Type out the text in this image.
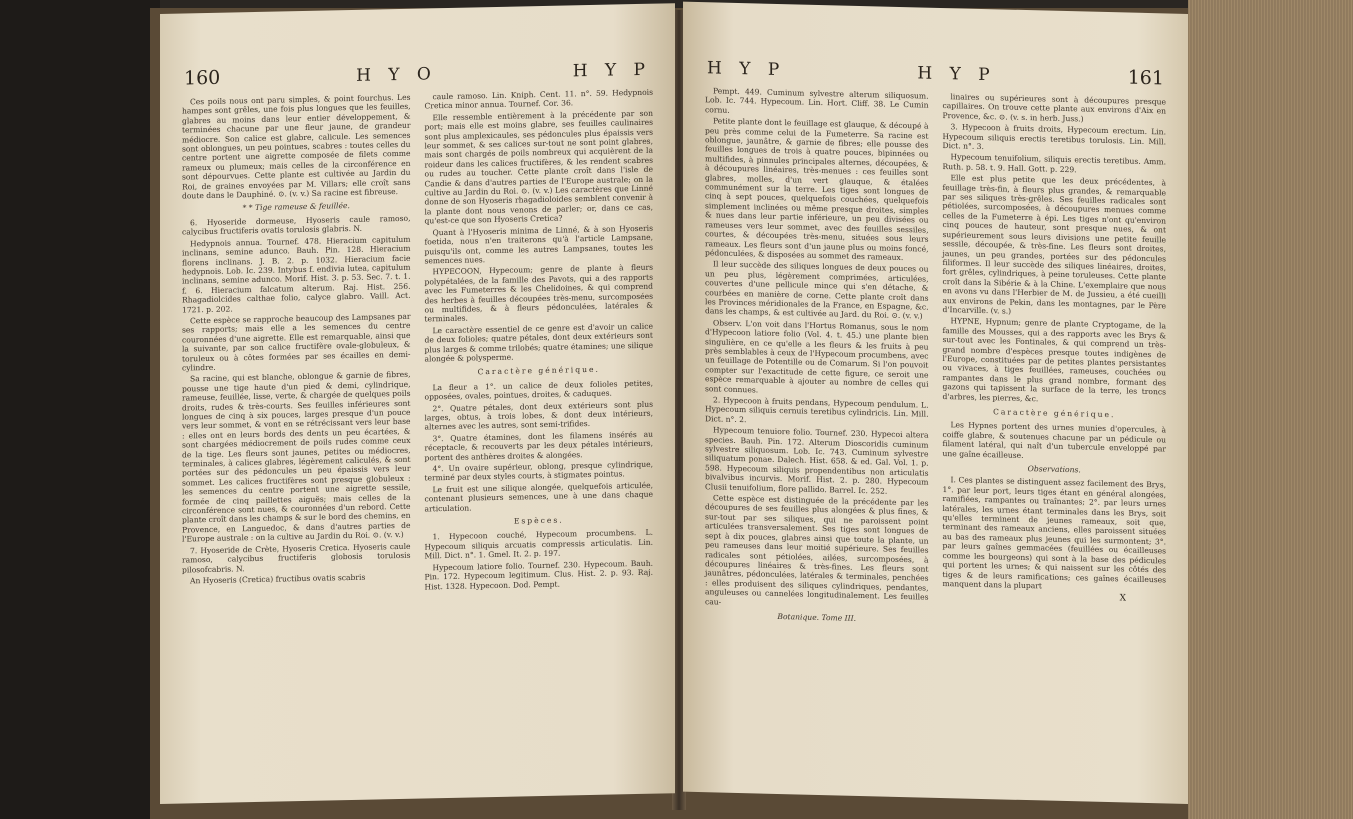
160	H Y O	H Y P

Ces poils nous ont paru simples, & point fourchus. Les hampes sont grêles, une fois plus longues que les feuilles, glabres au moins dans leur entier développement, & terminées chacune par une fleur jaune, de grandeur médiocre. Son calice est glabre, calicule. Les semences sont oblongues, un peu pointues, scabres : toutes celles du centre portent une aigrette composée de filets comme rameux ou plumeux; mais celles de la circonférence en sont dépourvues. Cette plante est cultivée au Jardin du Roi, de graines envoyées par M. Villars; elle croît sans doute dans le Dauphiné. ⊙. (v. v.) Sa racine est fibreuse.

* * Tige rameuse & feuillée.

6. Hyoseride dormeuse, Hyoseris caule ramoso, calycibus fructiferis ovatis torulosis glabris. N.

Hedypnois annua. Tournef. 478. Hieracium capitulum inclinans, semine adunco. Bauh. Pin. 128. Hieracium florens inclinans. J. B. 2. p. 1032. Hieracium facie hedypnois. Lob. Ic. 239. Intybus f. endivia lutea, capitulum inclinans, semine adunco. Morif. Hist. 3. p. 53. Sec. 7. t. 1. f. 6. Hieracium falcatum alterum. Raj. Hist. 256. Rhagadiolcides calthae folio, calyce glabro. Vaill. Act. 1721. p. 202.

Cette espèce se rapproche beaucoup des Lampsanes par ses rapports; mais elle a les semences du centre couronnées d'une aigrette. Elle est remarquable, ainsi que la suivante, par son calice fructifère ovale-globuleux, & toruleux ou à côtes formées par ses écailles en demi-cylindre.

Sa racine, qui est blanche, oblongue & garnie de fibres, pousse une tige haute d'un pied & demi, cylindrique, rameuse, feuillée, lisse, verte, & chargée de quelques poils droits, rudes & très-courts. Ses feuilles inférieures sont longues de cinq à six pouces, larges presque d'un pouce vers leur sommet, & vont en se rétrécissant vers leur base : elles ont en leurs bords des dents un peu écartées, & sont chargées médiocrement de poils rudes comme ceux de la tige. Les fleurs sont jaunes, petites ou médiocres, terminales, à calices glabres, légèrement caliculés, & sont portées sur des pédoncules un peu épaissis vers leur sommet. Les calices fructifères sont presque globuleux : les semences du centre portent une aigrette sessile, formée de cinq paillettes aiguës; mais celles de la circonférence sont nues, & couronnées d'un rebord. Cette plante croît dans les champs & sur le bord des chemins, en Provence, en Languedoc, & dans d'autres parties de l'Europe australe : on la cultive au Jardin du Roi. ⊙. (v. v.)

7. Hyoseride de Crète, Hyoseris Cretica. Hyoseris caule ramoso, calycibus fructiferis globosis torulosis pilosofcabris. N.

An Hyoseris (Cretica) fructibus ovatis scabris

caule ramoso. Lin. Kniph. Cent. 11. n°. 59. Hedypnois Cretica minor annua. Tournef. Cor. 36.

Elle ressemble entièrement à la précédente par son port; mais elle est moins glabre, ses feuilles caulinaires sont plus amplexicaules, ses pédoncules plus épaissis vers leur sommet, & ses calices sur-tout ne sont point glabres, mais sont chargés de poils nombreux qui acquièrent de la roideur dans les calices fructifères, & les rendent scabres ou rudes au toucher. Cette plante croît dans l'isle de Candie & dans d'autres parties de l'Europe australe; on la cultive au Jardin du Roi. ⊙. (v. v.) Les caractères que Linné donne de son Hyoseris rhagadioloides semblent convenir à la plante dont nous venons de parler; or, dans ce cas, qu'est-ce que son Hyoseris Cretica?

Quant à l'Hyoseris minima de Linné, & à son Hyoseris foetida, nous n'en traiterons qu'à l'article Lampsane, puisqu'ils ont, comme les autres Lampsanes, toutes les semences nues.

HYPECOON, Hypecoum; genre de plante à fleurs polypétalées, de la famille des Pavots, qui a des rapports avec les Fumeterres & les Chelidoines, & qui comprend des herbes à feuilles découpées très-menu, surcomposées ou multifides, & à fleurs pédonculées, latérales & terminales.

Le caractère essentiel de ce genre est d'avoir un calice de deux folioles; quatre pétales, dont deux extérieurs sont plus larges & comme trilobés; quatre étamines; une silique alongée & polysperme.

Caractère générique.

La fleur a 1°. un calice de deux folioles petites, opposées, ovales, pointues, droites, & caduques.

2°. Quatre pétales, dont deux extérieurs sont plus larges, obtus, à trois lobes, & dont deux intérieurs, alternes avec les autres, sont semi-trifides.

3°. Quatre étamines, dont les filamens insérés au réceptacle, & recouverts par les deux pétales intérieurs, portent des anthères droites & alongées.

4°. Un ovaire supérieur, oblong, presque cylindrique, terminé par deux styles courts, à stigmates pointus.

Le fruit est une silique alongée, quelquefois articulée, contenant plusieurs semences, une à une dans chaque articulation.

Espèces.

1. Hypecoon couché, Hypecoum procumbens. L. Hypecoum siliquis arcuatis compressis articulatis. Lin. Mill. Dict. n°. 1. Gmel. It. 2. p. 197.

Hypecoum latiore folio. Tournef. 230. Hypecoum. Bauh. Pin. 172. Hypecoum legitimum. Clus. Hist. 2. p. 93. Raj. Hist. 1328. Hypecoon. Dod. Pempt.

H Y P	H Y P	161

Pempt. 449. Cuminum sylvestre alterum siliquosum. Lob. Ic. 744. Hypecoum. Lin. Hort. Cliff. 38. Le Cumin cornu.

Petite plante dont le feuillage est glauque, & découpé à peu près comme celui de la Fumeterre. Sa racine est oblongue, jaunâtre, & garnie de fibres; elle pousse des feuilles longues de trois à quatre pouces, bipinnées ou multifides, à pinnules principales alternes, découpées, & à découpures linéaires, très-menues : ces feuilles sont glabres, molles, d'un vert glauque, & étalées communément sur la terre. Les tiges sont longues de cinq à sept pouces, quelquefois couchées, quelquefois simplement inclinées ou même presque droites, simples & nues dans leur partie inférieure, un peu divisées ou rameuses vers leur sommet, avec des feuilles sessiles, courtes, & découpées très-menu, situées sous leurs rameaux. Les fleurs sont d'un jaune plus ou moins foncé, pédonculées, & disposées au sommet des rameaux.

Il leur succède des siliques longues de deux pouces ou un peu plus, légèrement comprimées, articulées, couvertes d'une pellicule mince qui s'en détache, & courbées en manière de corne. Cette plante croît dans les Provinces méridionales de la France, en Espagne, &c. dans les champs, & est cultivée au Jard. du Roi. ⊙. (v. v.)

Observ. L'on voit dans l'Hortus Romanus, sous le nom d'Hypecoon latiore folio (Vol. 4. t. 45.) une plante bien singulière, en ce qu'elle a les fleurs & les fruits à peu près semblables à ceux de l'Hypecoum procumbens, avec un feuillage de Potentille ou de Comarum. Si l'on pouvoit compter sur l'exactitude de cette figure, ce seroit une espèce remarquable à ajouter au nombre de celles qui sont connues.

2. Hypecoon à fruits pendans, Hypecoum pendulum. L. Hypecoum siliquis cernuis teretibus cylindricis. Lin. Mill. Dict. n°. 2.

Hypecoum tenuiore folio. Tournef. 230. Hypecoi altera species. Bauh. Pin. 172. Alterum Dioscoridis cuminum sylvestre siliquosum. Lob. Ic. 743. Cuminum sylvestre siliquatum ponae. Dalech. Hist. 658. & ed. Gal. Vol. 1. p. 598. Hypecoum siliquis propendentibus non articulatis bivalvibus incurvis. Morif. Hist. 2. p. 280. Hypecoum Clusii tenuifolium, flore pallido. Barrel. Ic. 252.

Cette espèce est distinguée de la précédente par les découpures de ses feuilles plus alongées & plus fines, & sur-tout par ses siliques, qui ne paroissent point articulées transversalement. Ses tiges sont longues de sept à dix pouces, glabres ainsi que toute la plante, un peu rameuses dans leur moitié supérieure. Ses feuilles radicales sont pétiolées, ailées, surcomposées, à découpures linéaires & très-fines. Les fleurs sont jaunâtres, pédonculées, latérales & terminales, penchées : elles produisent des siliques cylindriques, pendantes, anguleuses ou cannelées longitudinalement. Les feuilles cau-

Botanique. Tome III.

linaires ou supérieures sont à découpures presque capillaires. On trouve cette plante aux environs d'Aix en Provence, &c. ⊙. (v. s. in herb. Juss.)

3. Hypecoon à fruits droits, Hypecoum erectum. Lin. Hypecoum siliquis erectis teretibus torulosis. Lin. Mill. Dict. n°. 3.

Hypecoum tenuifolium, siliquis erectis teretibus. Amm. Ruth. p. 58. t. 9. Hall. Gott. p. 229.

Elle est plus petite que les deux précédentes, à feuillage très-fin, à fleurs plus grandes, & remarquable par ses siliques très-grêles. Ses feuilles radicales sont pétiolées, surcomposées, à découpures menues comme celles de la Fumeterre à épi. Les tiges n'ont qu'environ cinq pouces de hauteur, sont presque nues, & ont supérieurement sous leurs divisions une petite feuille sessile, découpée, & très-fine. Les fleurs sont droites, jaunes, un peu grandes, portées sur des pédoncules filiformes. Il leur succède des siliques linéaires, droites, fort grêles, cylindriques, à peine toruleuses. Cette plante croît dans la Sibérie & à la Chine. L'exemplaire que nous en avons vu dans l'Herbier de M. de Jussieu, a été cueilli aux environs de Pekin, dans les montagnes, par le Père d'Incarville. (v. s.)

HYPNE, Hypnum; genre de plante Cryptogame, de la famille des Mousses, qui a des rapports avec les Brys & sur-tout avec les Fontinales, & qui comprend un très-grand nombre d'espèces presque toutes indigènes de l'Europe, constituées par de petites plantes persistantes ou vivaces, à tiges feuillées, rameuses, couchées ou rampantes dans le plus grand nombre, formant des gazons qui tapissent la surface de la terre, les troncs d'arbres, les pierres, &c.

Caractère générique.

Les Hypnes portent des urnes munies d'opercules, à coiffe glabre, & soutenues chacune par un pédicule ou filament latéral, qui naît d'un tubercule enveloppé par une gaîne écailleuse.

Observations.

I. Ces plantes se distinguent assez facilement des Brys, 1°. par leur port, leurs tiges étant en général alongées, ramifiées, rampantes ou traînantes; 2°. par leurs urnes latérales, les urnes étant terminales dans les Brys, soit qu'elles terminent de jeunes rameaux, soit que, terminant des rameaux anciens, elles paroissent situées au bas des rameaux plus jeunes qui les surmontent; 3°. par leurs gaînes gemmacées (feuillées ou écailleuses comme les bourgeons) qui sont à la base des pédicules qui portent les urnes; & qui naissent sur les côtés des tiges & de leurs ramifications; ces gaînes écailleuses manquent dans la plupart

X
